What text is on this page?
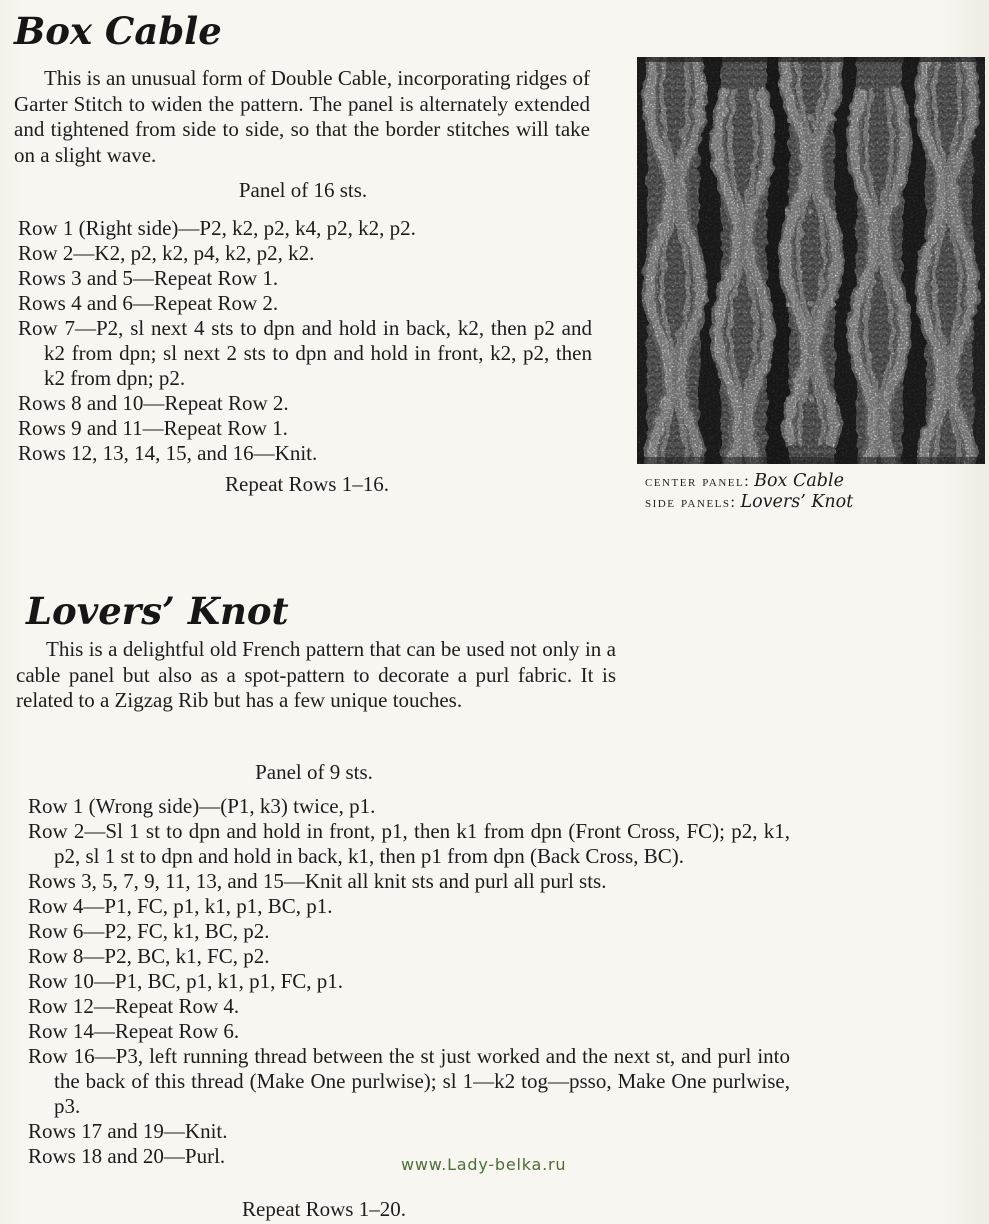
Box Cable

This is an unusual form of Double Cable, incorporating ridges of Garter Stitch to widen the pattern. The panel is alternately extended and tightened from side to side, so that the border stitches will take on a slight wave.

Panel of 16 sts.

Row 1 (Right side)—P2, k2, p2, k4, p2, k2, p2.

Row 2—K2, p2, k2, p4, k2, p2, k2.

Rows 3 and 5—Repeat Row 1.

Rows 4 and 6—Repeat Row 2.

Row 7—P2, sl next 4 sts to dpn and hold in back, k2, then p2 and k2 from dpn; sl next 2 sts to dpn and hold in front, k2, p2, then k2 from dpn; p2.

Rows 8 and 10—Repeat Row 2.

Rows 9 and 11—Repeat Row 1.

Rows 12, 13, 14, 15, and 16—Knit.

Repeat Rows 1–16.	center panel: Box Cable
side panels: Lovers’ Knot
Lovers’ Knot

This is a delightful old French pattern that can be used not only in a cable panel but also as a spot-pattern to decorate a purl fabric. It is related to a Zigzag Rib but has a few unique touches.

Panel of 9 sts.

Row 1 (Wrong side)—(P1, k3) twice, p1.

Row 2—Sl 1 st to dpn and hold in front, p1, then k1 from dpn (Front Cross, FC); p2, k1, p2, sl 1 st to dpn and hold in back, k1, then p1 from dpn (Back Cross, BC).

Rows 3, 5, 7, 9, 11, 13, and 15—Knit all knit sts and purl all purl sts.

Row 4—P1, FC, p1, k1, p1, BC, p1.

Row 6—P2, FC, k1, BC, p2.

Row 8—P2, BC, k1, FC, p2.

Row 10—P1, BC, p1, k1, p1, FC, p1.

Row 12—Repeat Row 4.

Row 14—Repeat Row 6.

Row 16—P3, left running thread between the st just worked and the next st, and purl into the back of this thread (Make One purlwise); sl 1—k2 tog—psso, Make One purlwise, p3.

Rows 17 and 19—Knit.

Rows 18 and 20—Purl.

Repeat Rows 1–20.
www.Lady-belka.ru
